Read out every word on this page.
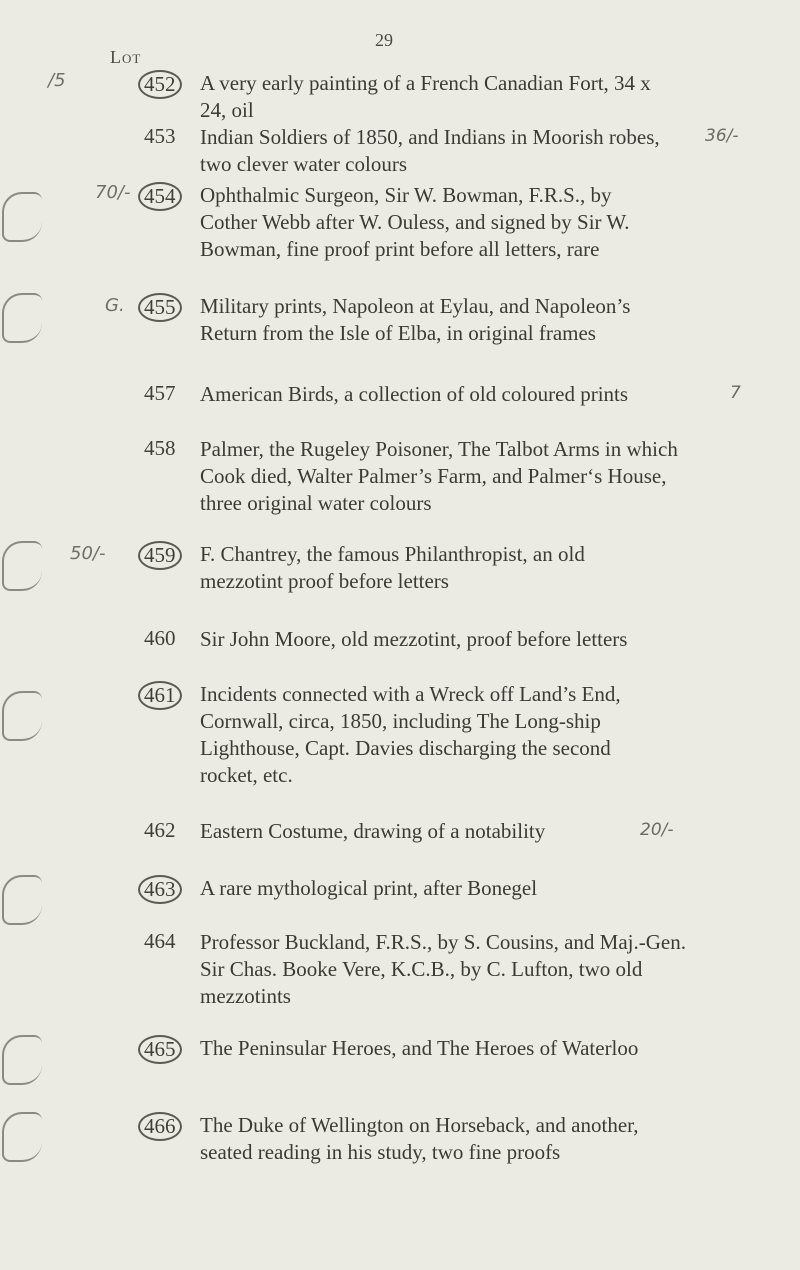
29
Lot
452 A very early painting of a French Canadian Fort, 34 x 24, oil
/5
453	Indian Soldiers of 1850, and Indians in Moorish robes, two clever water colours
36/-
454 Ophthalmic Surgeon, Sir W. Bowman, F.R.S., by Cother Webb after W. Ouless, and signed by Sir W. Bowman, fine proof print before all letters, rare
70/-
455 Military prints, Napoleon at Eylau, and Napoleon’s Return from the Isle of Elba, in original frames
G.
457	American Birds, a collection of old coloured prints	7
458	Palmer, the Rugeley Poisoner, The Talbot Arms in which Cook died, Walter Palmer’s Farm, and Palmer‘s House, three original water colours
459 F. Chantrey, the famous Philanthropist, an old mezzotint proof before letters
50/-
460	Sir John Moore, old mezzotint, proof before letters
461 Incidents connected with a Wreck off Land’s End, Cornwall, circa, 1850, including The Long-ship Lighthouse, Capt. Davies discharging the second rocket, etc.
462	Eastern Costume, drawing of a notability	20/-
463 A rare mythological print, after Bonegel
464	Professor Buckland, F.R.S., by S. Cousins, and Maj.-Gen. Sir Chas. Booke Vere, K.C.B., by C. Lufton, two old mezzotints
465 The Peninsular Heroes, and The Heroes of Waterloo
466 The Duke of Wellington on Horseback, and another, seated reading in his study, two fine proofs
